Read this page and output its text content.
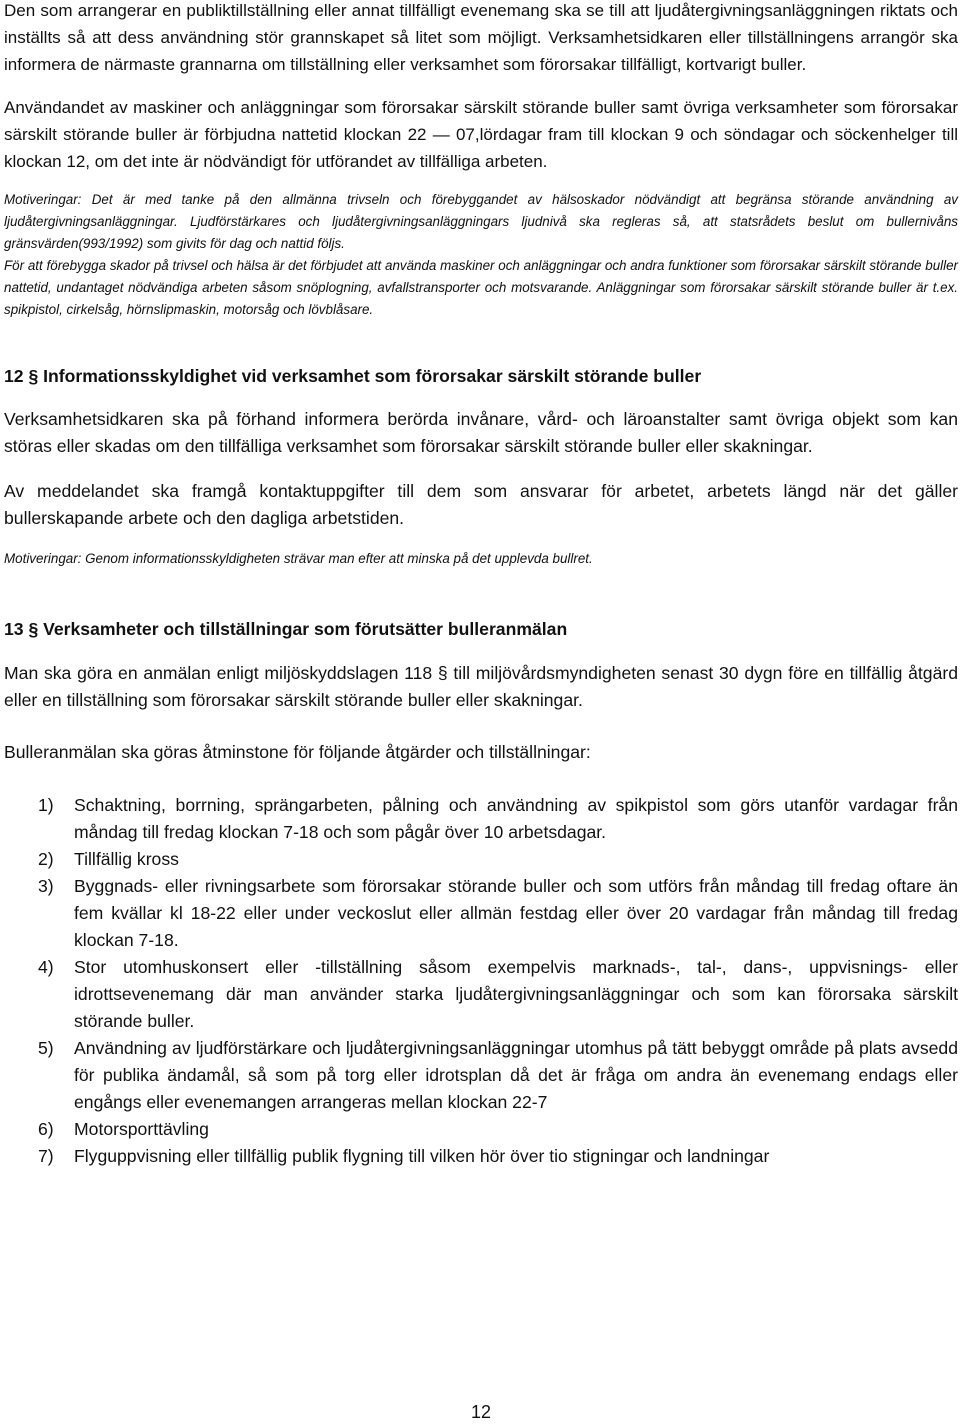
Den som arrangerar en publiktillställning eller annat tillfälligt evenemang ska se till att ljudåtergivningsanläggningen riktats och inställts så att dess användning stör grannskapet så litet som möjligt. Verksamhetsidkaren eller tillställningens arrangör ska informera de närmaste grannarna om tillställning eller verksamhet som förorsakar tillfälligt, kortvarigt buller.

Användandet av maskiner och anläggningar som förorsakar särskilt störande buller samt övriga verksamheter som förorsakar särskilt störande buller är förbjudna nattetid klockan 22 — 07,lördagar fram till klockan 9 och söndagar och söckenhelger till klockan 12, om det inte är nödvändigt för utförandet av tillfälliga arbeten.

Motiveringar: Det är med tanke på den allmänna trivseln och förebyggandet av hälsoskador nödvändigt att begränsa störande användning av ljudåtergivningsanläggningar. Ljudförstärkares och ljudåtergivningsanläggningars ljudnivå ska regleras så, att statsrådets beslut om bullernivåns gränsvärden(993/1992) som givits för dag och nattid följs.

För att förebygga skador på trivsel och hälsa är det förbjudet att använda maskiner och anläggningar och andra funktioner som förorsakar särskilt störande buller nattetid, undantaget nödvändiga arbeten såsom snöplogning, avfallstransporter och motsvarande. Anläggningar som förorsakar särskilt störande buller är t.ex. spikpistol, cirkelsåg, hörnslipmaskin, motorsåg och lövblåsare.

12 § Informationsskyldighet vid verksamhet som förorsakar särskilt störande buller

Verksamhetsidkaren ska på förhand informera berörda invånare, vård- och läroanstalter samt övriga objekt som kan störas eller skadas om den tillfälliga verksamhet som förorsakar särskilt störande buller eller skakningar.

Av meddelandet ska framgå kontaktuppgifter till dem som ansvarar för arbetet, arbetets längd när det gäller bullerskapande arbete och den dagliga arbetstiden.

Motiveringar: Genom informationsskyldigheten strävar man efter att minska på det upplevda bullret.

13 § Verksamheter och tillställningar som förutsätter bulleranmälan

Man ska göra en anmälan enligt miljöskyddslagen 118 § till miljövårdsmyndigheten senast 30 dygn före en tillfällig åtgärd eller en tillställning som förorsakar särskilt störande buller eller skakningar.

Bulleranmälan ska göras åtminstone för följande åtgärder och tillställningar:

1) Schaktning, borrning, sprängarbeten, pålning och användning av spikpistol som görs utanför vardagar från måndag till fredag klockan 7-18 och som pågår över 10 arbetsdagar.
2) Tillfällig kross
3) Byggnads- eller rivningsarbete som förorsakar störande buller och som utförs från måndag till fredag oftare än fem kvällar kl 18-22 eller under veckoslut eller allmän festdag eller över 20 vardagar från måndag till fredag klockan 7-18.
4) Stor utomhuskonsert eller -tillställning såsom exempelvis marknads-, tal-, dans-, uppvisnings- eller idrottsevenemang där man använder starka ljudåtergivningsanläggningar och som kan förorsaka särskilt störande buller.
5) Användning av ljudförstärkare och ljudåtergivningsanläggningar utomhus på tätt bebyggt område på plats avsedd för publika ändamål, så som på torg eller idrotsplan då det är fråga om andra än evenemang endags eller engångs eller evenemangen arrangeras mellan klockan 22-7
6) Motorsporttävling
7) Flyguppvisning eller tillfällig publik flygning till vilken hör över tio stigningar och landningar
12
